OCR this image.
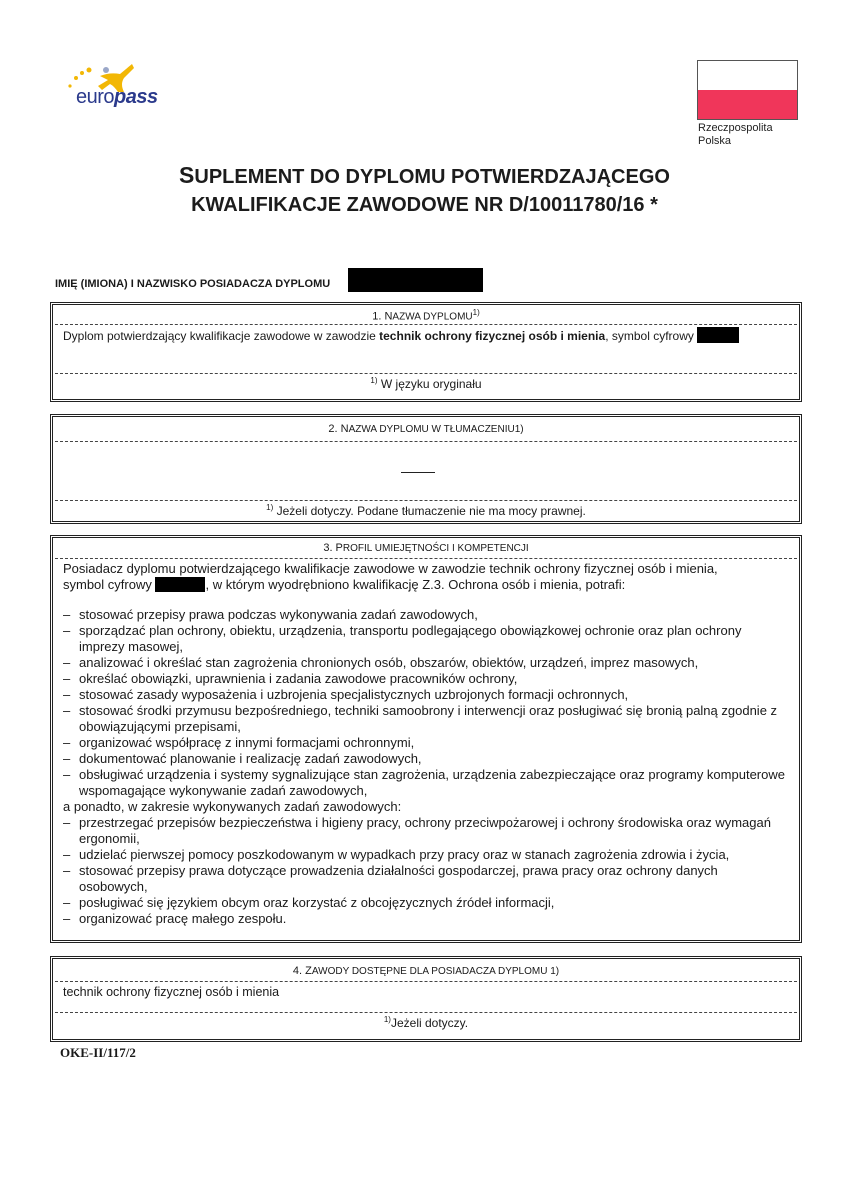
europass
Rzeczpospolita
Polska
SUPLEMENT DO DYPLOMU POTWIERDZAJĄCEGO
KWALIFIKACJE ZAWODOWE NR D/10011780/16 *
IMIĘ (IMIONA) I NAZWISKO POSIADACZA DYPLOMU
1. NAZWA DYPLOMU$^{1)}$
Dyplom potwierdzający kwalifikacje zawodowe w zawodzie technik ochrony fizycznej osób i mienia, symbol cyfrowy
$^{1)}$ W języku oryginału
2. NAZWA DYPLOMU W TŁUMACZENIU1)
$^{1)}$ Jeżeli dotyczy. Podane tłumaczenie nie ma mocy prawnej.
3. PROFIL UMIEJĘTNOŚCI I KOMPETENCJI
Posiadacz dyplomu potwierdzającego kwalifikacje zawodowe w zawodzie technik ochrony fizycznej osób i mienia,
symbol cyfrowy	, w którym wyodrębniono kwalifikację Z.3. Ochrona osób i mienia, potrafi:
– stosować przepisy prawa podczas wykonywania zadań zawodowych,
– sporządzać plan ochrony, obiektu, urządzenia, transportu podlegającego obowiązkowej ochronie oraz plan ochrony imprezy masowej,
– analizować i określać stan zagrożenia chronionych osób, obszarów, obiektów, urządzeń, imprez masowych,
– określać obowiązki, uprawnienia i zadania zawodowe pracowników ochrony,
– stosować zasady wyposażenia i uzbrojenia specjalistycznych uzbrojonych formacji ochronnych,
– stosować środki przymusu bezpośredniego, techniki samoobrony i interwencji oraz posługiwać się bronią palną zgodnie z obowiązującymi przepisami,
– organizować współpracę z innymi formacjami ochronnymi,
– dokumentować planowanie i realizację zadań zawodowych,
– obsługiwać urządzenia i systemy sygnalizujące stan zagrożenia, urządzenia zabezpieczające oraz programy komputerowe wspomagające wykonywanie zadań zawodowych,
a ponadto, w zakresie wykonywanych zadań zawodowych:
– przestrzegać przepisów bezpieczeństwa i higieny pracy, ochrony przeciwpożarowej i ochrony środowiska oraz wymagań ergonomii,
– udzielać pierwszej pomocy poszkodowanym w wypadkach przy pracy oraz w stanach zagrożenia zdrowia i życia,
– stosować przepisy prawa dotyczące prowadzenia działalności gospodarczej, prawa pracy oraz ochrony danych osobowych,
– posługiwać się językiem obcym oraz korzystać z obcojęzycznych źródeł informacji,
– organizować pracę małego zespołu.
4. ZAWODY DOSTĘPNE DLA POSIADACZA DYPLOMU 1)
technik ochrony fizycznej osób i mienia
$^{1)}$Jeżeli dotyczy.
OKE-II/117/2
